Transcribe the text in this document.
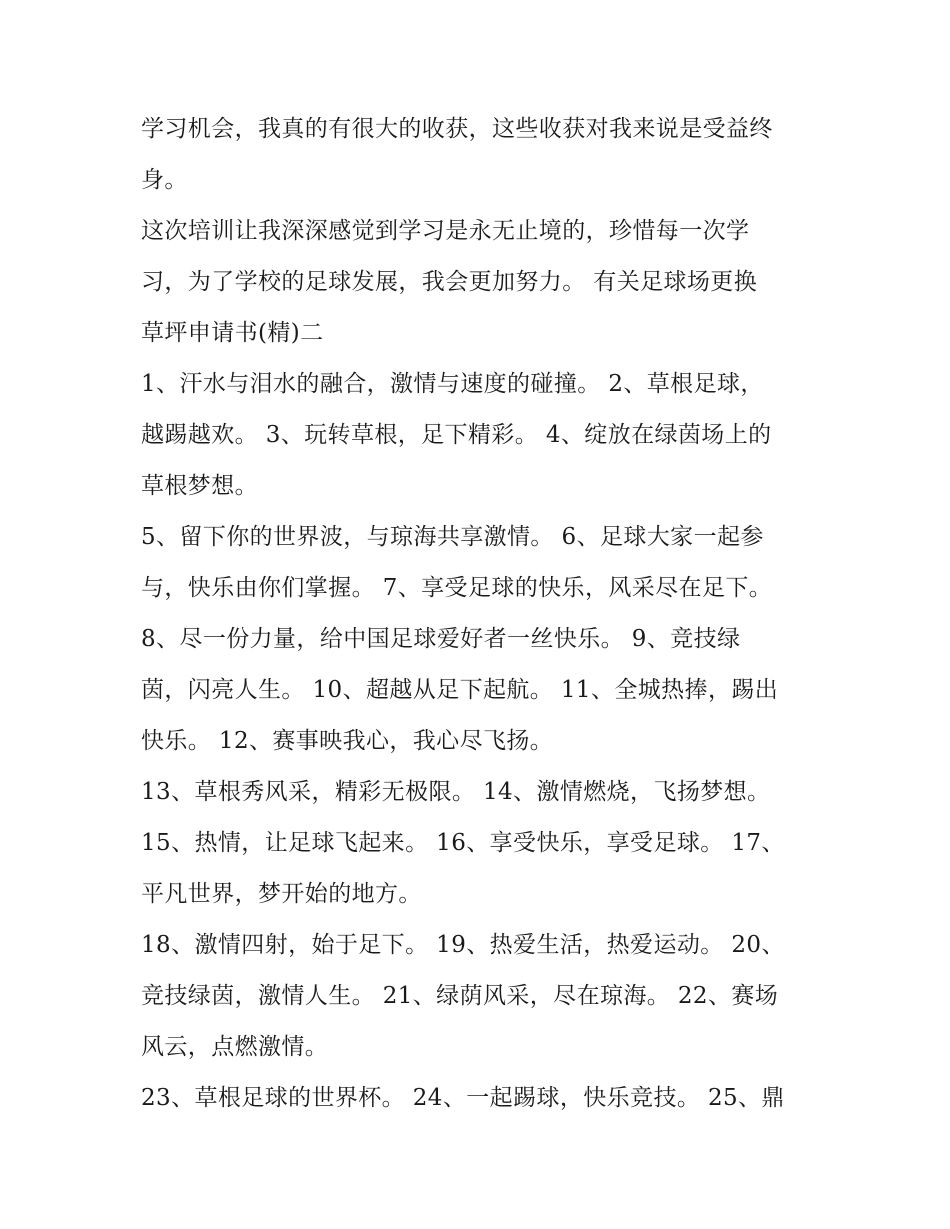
学习机会，我真的有很大的收获，这些收获对我来说是受益终
身。
这次培训让我深深感觉到学习是永无止境的，珍惜每一次学
习，为了学校的足球发展，我会更加努力。 有关足球场更换
草坪申请书(精)二
1、汗水与泪水的融合，激情与速度的碰撞。 2、草根足球，
越踢越欢。 3、玩转草根，足下精彩。 4、绽放在绿茵场上的
草根梦想。
5、留下你的世界波，与琼海共享激情。 6、足球大家一起参
与，快乐由你们掌握。 7、享受足球的快乐，风采尽在足下。
8、尽一份力量，给中国足球爱好者一丝快乐。 9、竞技绿
茵，闪亮人生。 10、超越从足下起航。 11、全城热捧，踢出
快乐。 12、赛事映我心，我心尽飞扬。
13、草根秀风采，精彩无极限。 14、激情燃烧，飞扬梦想。
15、热情，让足球飞起来。 16、享受快乐，享受足球。 17、
平凡世界，梦开始的地方。
18、激情四射，始于足下。 19、热爱生活，热爱运动。 20、
竞技绿茵，激情人生。 21、绿荫风采，尽在琼海。 22、赛场
风云，点燃激情。
23、草根足球的世界杯。 24、一起踢球，快乐竞技。 25、鼎
